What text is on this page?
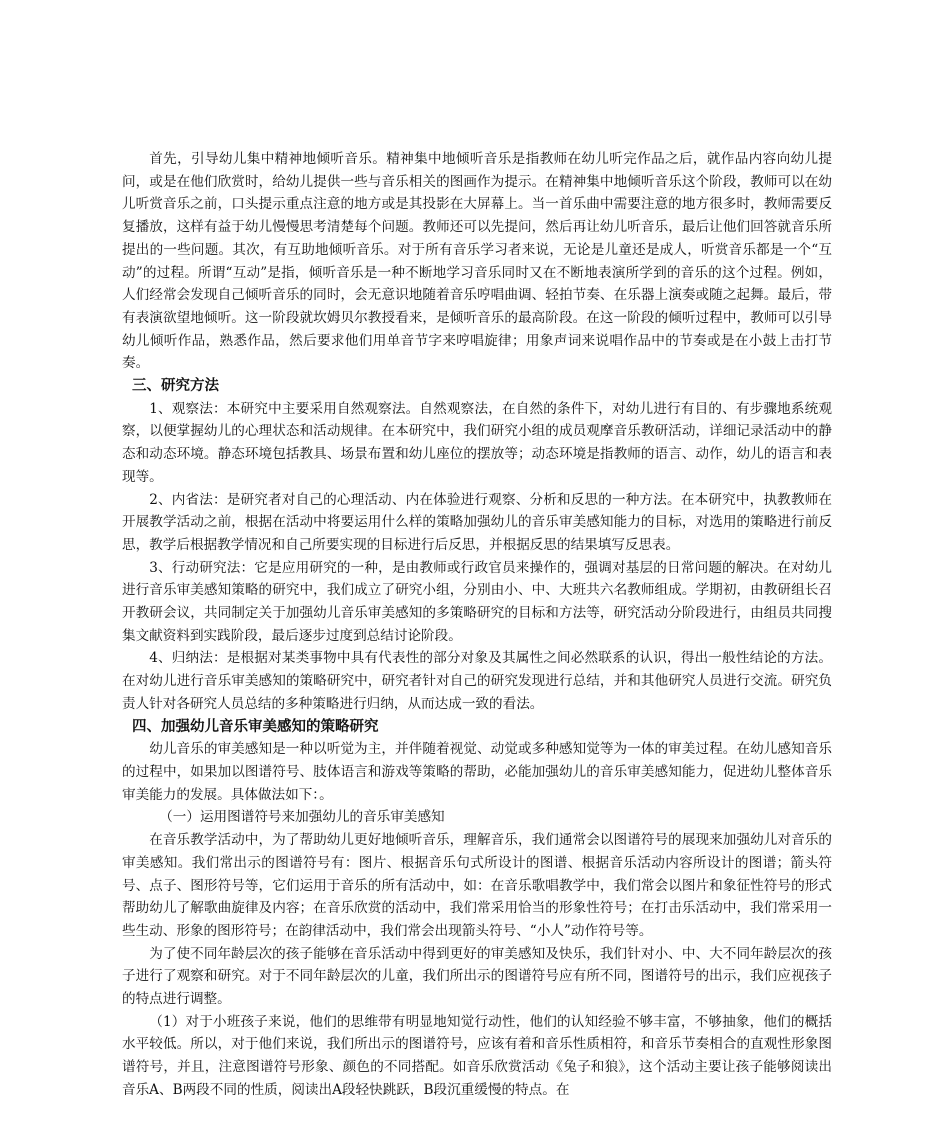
首先，引导幼儿集中精神地倾听音乐。精神集中地倾听音乐是指教师在幼儿听完作品之后，就作品内容向幼儿提问，或是在他们欣赏时，给幼儿提供一些与音乐相关的图画作为提示。在精神集中地倾听音乐这个阶段，教师可以在幼儿听赏音乐之前，口头提示重点注意的地方或是其投影在大屏幕上。当一首乐曲中需要注意的地方很多时，教师需要反复播放，这样有益于幼儿慢慢思考清楚每个问题。教师还可以先提问，然后再让幼儿听音乐，最后让他们回答就音乐所提出的一些问题。其次，有互助地倾听音乐。对于所有音乐学习者来说，无论是儿童还是成人，听赏音乐都是一个“互动”的过程。所谓“互动”是指，倾听音乐是一种不断地学习音乐同时又在不断地表演所学到的音乐的这个过程。例如，人们经常会发现自己倾听音乐的同时，会无意识地随着音乐哼唱曲调、轻拍节奏、在乐器上演奏或随之起舞。最后，带有表演欲望地倾听。这一阶段就坎姆贝尔教授看来，是倾听音乐的最高阶段。在这一阶段的倾听过程中，教师可以引导幼儿倾听作品，熟悉作品，然后要求他们用单音节字来哼唱旋律；用象声词来说唱作品中的节奏或是在小鼓上击打节奏。

三、研究方法

1、观察法：本研究中主要采用自然观察法。自然观察法，在自然的条件下，对幼儿进行有目的、有步骤地系统观察，以便掌握幼儿的心理状态和活动规律。在本研究中，我们研究小组的成员观摩音乐教研活动，详细记录活动中的静态和动态环境。静态环境包括教具、场景布置和幼儿座位的摆放等；动态环境是指教师的语言、动作，幼儿的语言和表现等。

2、内省法：是研究者对自己的心理活动、内在体验进行观察、分析和反思的一种方法。在本研究中，执教教师在开展教学活动之前，根据在活动中将要运用什么样的策略加强幼儿的音乐审美感知能力的目标，对选用的策略进行前反思，教学后根据教学情况和自己所要实现的目标进行后反思，并根据反思的结果填写反思表。

3、行动研究法：它是应用研究的一种，是由教师或行政官员来操作的，强调对基层的日常问题的解决。在对幼儿进行音乐审美感知策略的研究中，我们成立了研究小组，分别由小、中、大班共六名教师组成。学期初，由教研组长召开教研会议，共同制定关于加强幼儿音乐审美感知的多策略研究的目标和方法等，研究活动分阶段进行，由组员共同搜集文献资料到实践阶段，最后逐步过度到总结讨论阶段。

4、归纳法：是根据对某类事物中具有代表性的部分对象及其属性之间必然联系的认识，得出一般性结论的方法。在对幼儿进行音乐审美感知的策略研究中，研究者针对自己的研究发现进行总结，并和其他研究人员进行交流。研究负责人针对各研究人员总结的多种策略进行归纳，从而达成一致的看法。

四、加强幼儿音乐审美感知的策略研究

幼儿音乐的审美感知是一种以听觉为主，并伴随着视觉、动觉或多种感知觉等为一体的审美过程。在幼儿感知音乐的过程中，如果加以图谱符号、肢体语言和游戏等策略的帮助，必能加强幼儿的音乐审美感知能力，促进幼儿整体音乐审美能力的发展。具体做法如下：。

（一）运用图谱符号来加强幼儿的音乐审美感知

在音乐教学活动中，为了帮助幼儿更好地倾听音乐，理解音乐，我们通常会以图谱符号的展现来加强幼儿对音乐的审美感知。我们常出示的图谱符号有：图片、根据音乐句式所设计的图谱、根据音乐活动内容所设计的图谱；箭头符号、点子、图形符号等，它们运用于音乐的所有活动中，如：在音乐歌唱教学中，我们常会以图片和象征性符号的形式帮助幼儿了解歌曲旋律及内容；在音乐欣赏的活动中，我们常采用恰当的形象性符号；在打击乐活动中，我们常采用一些生动、形象的图形符号；在韵律活动中，我们常会出现箭头符号、“小人”动作符号等。

为了使不同年龄层次的孩子能够在音乐活动中得到更好的审美感知及快乐，我们针对小、中、大不同年龄层次的孩子进行了观察和研究。对于不同年龄层次的儿童，我们所出示的图谱符号应有所不同，图谱符号的出示，我们应视孩子的特点进行调整。

（1）对于小班孩子来说，他们的思维带有明显地知觉行动性，他们的认知经验不够丰富，不够抽象，他们的概括水平较低。所以，对于他们来说，我们所出示的图谱符号，应该有着和音乐性质相符，和音乐节奏相合的直观性形象图谱符号，并且，注意图谱符号形象、颜色的不同搭配。如音乐欣赏活动《兔子和狼》，这个活动主要让孩子能够阅读出音乐A、B两段不同的性质，阅读出A段轻快跳跃，B段沉重缓慢的特点。在
